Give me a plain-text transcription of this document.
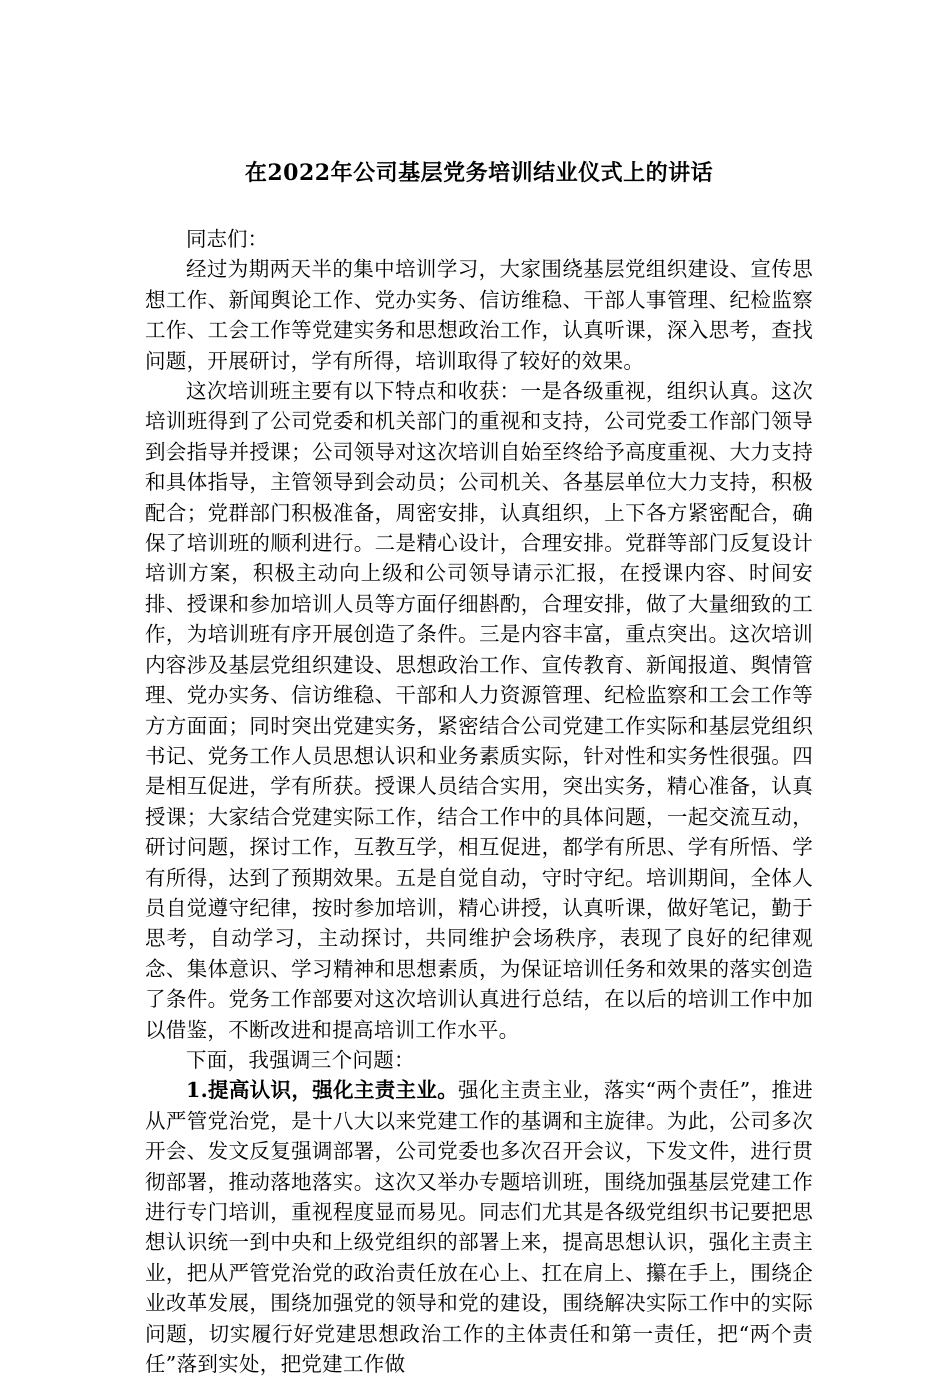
在2022年公司基层党务培训结业仪式上的讲话

同志们：

经过为期两天半的集中培训学习，大家围绕基层党组织建设、宣传思想工作、新闻舆论工作、党办实务、信访维稳、干部人事管理、纪检监察工作、工会工作等党建实务和思想政治工作，认真听课，深入思考，查找问题，开展研讨，学有所得，培训取得了较好的效果。

这次培训班主要有以下特点和收获：一是各级重视，组织认真。这次培训班得到了公司党委和机关部门的重视和支持，公司党委工作部门领导到会指导并授课；公司领导对这次培训自始至终给予高度重视、大力支持和具体指导，主管领导到会动员；公司机关、各基层单位大力支持，积极配合；党群部门积极准备，周密安排，认真组织，上下各方紧密配合，确保了培训班的顺利进行。二是精心设计，合理安排。党群等部门反复设计培训方案，积极主动向上级和公司领导请示汇报，在授课内容、时间安排、授课和参加培训人员等方面仔细斟酌，合理安排，做了大量细致的工作，为培训班有序开展创造了条件。三是内容丰富，重点突出。这次培训内容涉及基层党组织建设、思想政治工作、宣传教育、新闻报道、舆情管理、党办实务、信访维稳、干部和人力资源管理、纪检监察和工会工作等方方面面；同时突出党建实务，紧密结合公司党建工作实际和基层党组织书记、党务工作人员思想认识和业务素质实际，针对性和实务性很强。四是相互促进，学有所获。授课人员结合实用，突出实务，精心准备，认真授课；大家结合党建实际工作，结合工作中的具体问题，一起交流互动，研讨问题，探讨工作，互教互学，相互促进，都学有所思、学有所悟、学有所得，达到了预期效果。五是自觉自动，守时守纪。培训期间，全体人员自觉遵守纪律，按时参加培训，精心讲授，认真听课，做好笔记，勤于思考，自动学习，主动探讨，共同维护会场秩序，表现了良好的纪律观念、集体意识、学习精神和思想素质，为保证培训任务和效果的落实创造了条件。党务工作部要对这次培训认真进行总结，在以后的培训工作中加以借鉴，不断改进和提高培训工作水平。

下面，我强调三个问题：

1.提高认识，强化主责主业。强化主责主业，落实“两个责任”，推进从严管党治党，是十八大以来党建工作的基调和主旋律。为此，公司多次开会、发文反复强调部署，公司党委也多次召开会议，下发文件，进行贯彻部署，推动落地落实。这次又举办专题培训班，围绕加强基层党建工作进行专门培训，重视程度显而易见。同志们尤其是各级党组织书记要把思想认识统一到中央和上级党组织的部署上来，提高思想认识，强化主责主业，把从严管党治党的政治责任放在心上、扛在肩上、攥在手上，围绕企业改革发展，围绕加强党的领导和党的建设，围绕解决实际工作中的实际问题，切实履行好党建思想政治工作的主体责任和第一责任，把“两个责任”落到实处，把党建工作做
